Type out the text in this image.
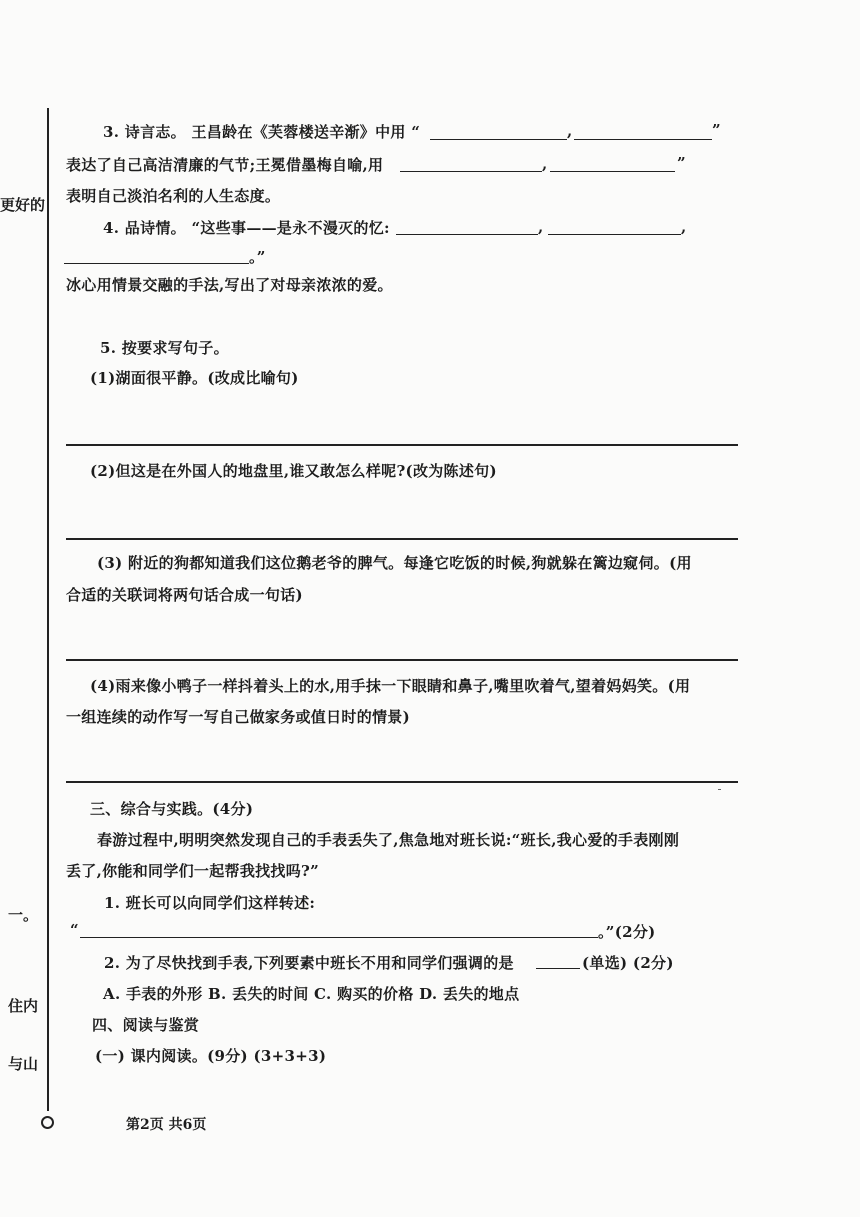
更好的
一。
住内
与山
3. 诗言志。 王昌龄在《芙蓉楼送辛渐》中用 “	,	”
表达了自己高洁清廉的气节;王冕借墨梅自喻,用	,	”
表明自己淡泊名利的人生态度。
4. 品诗情。 “这些事——是永不漫灭的忆:	,	,
。”
冰心用情景交融的手法,写出了对母亲浓浓的爱。
5. 按要求写句子。
(1)湖面很平静。(改成比喻句)
(2)但这是在外国人的地盘里,谁又敢怎么样呢?(改为陈述句)
(3) 附近的狗都知道我们这位鹅老爷的脾气。每逢它吃饭的时候,狗就躲在篱边窥伺。(用
合适的关联词将两句话合成一句话)
(4)雨来像小鸭子一样抖着头上的水,用手抹一下眼睛和鼻子,嘴里吹着气,望着妈妈笑。(用
一组连续的动作写一写自己做家务或值日时的情景)
三、综合与实践。(4分)
春游过程中,明明突然发现自己的手表丢失了,焦急地对班长说:“班长,我心爱的手表刚刚
丢了,你能和同学们一起帮我找找吗?”
1. 班长可以向同学们这样转述:
“	。”(2分)
2. 为了尽快找到手表,下列要素中班长不用和同学们强调的是	(单选) (2分)
A. 手表的外形 B. 丢失的时间 C. 购买的价格 D. 丢失的地点
四、阅读与鉴赏
(一) 课内阅读。(9分) (3+3+3)
第2页 共6页
